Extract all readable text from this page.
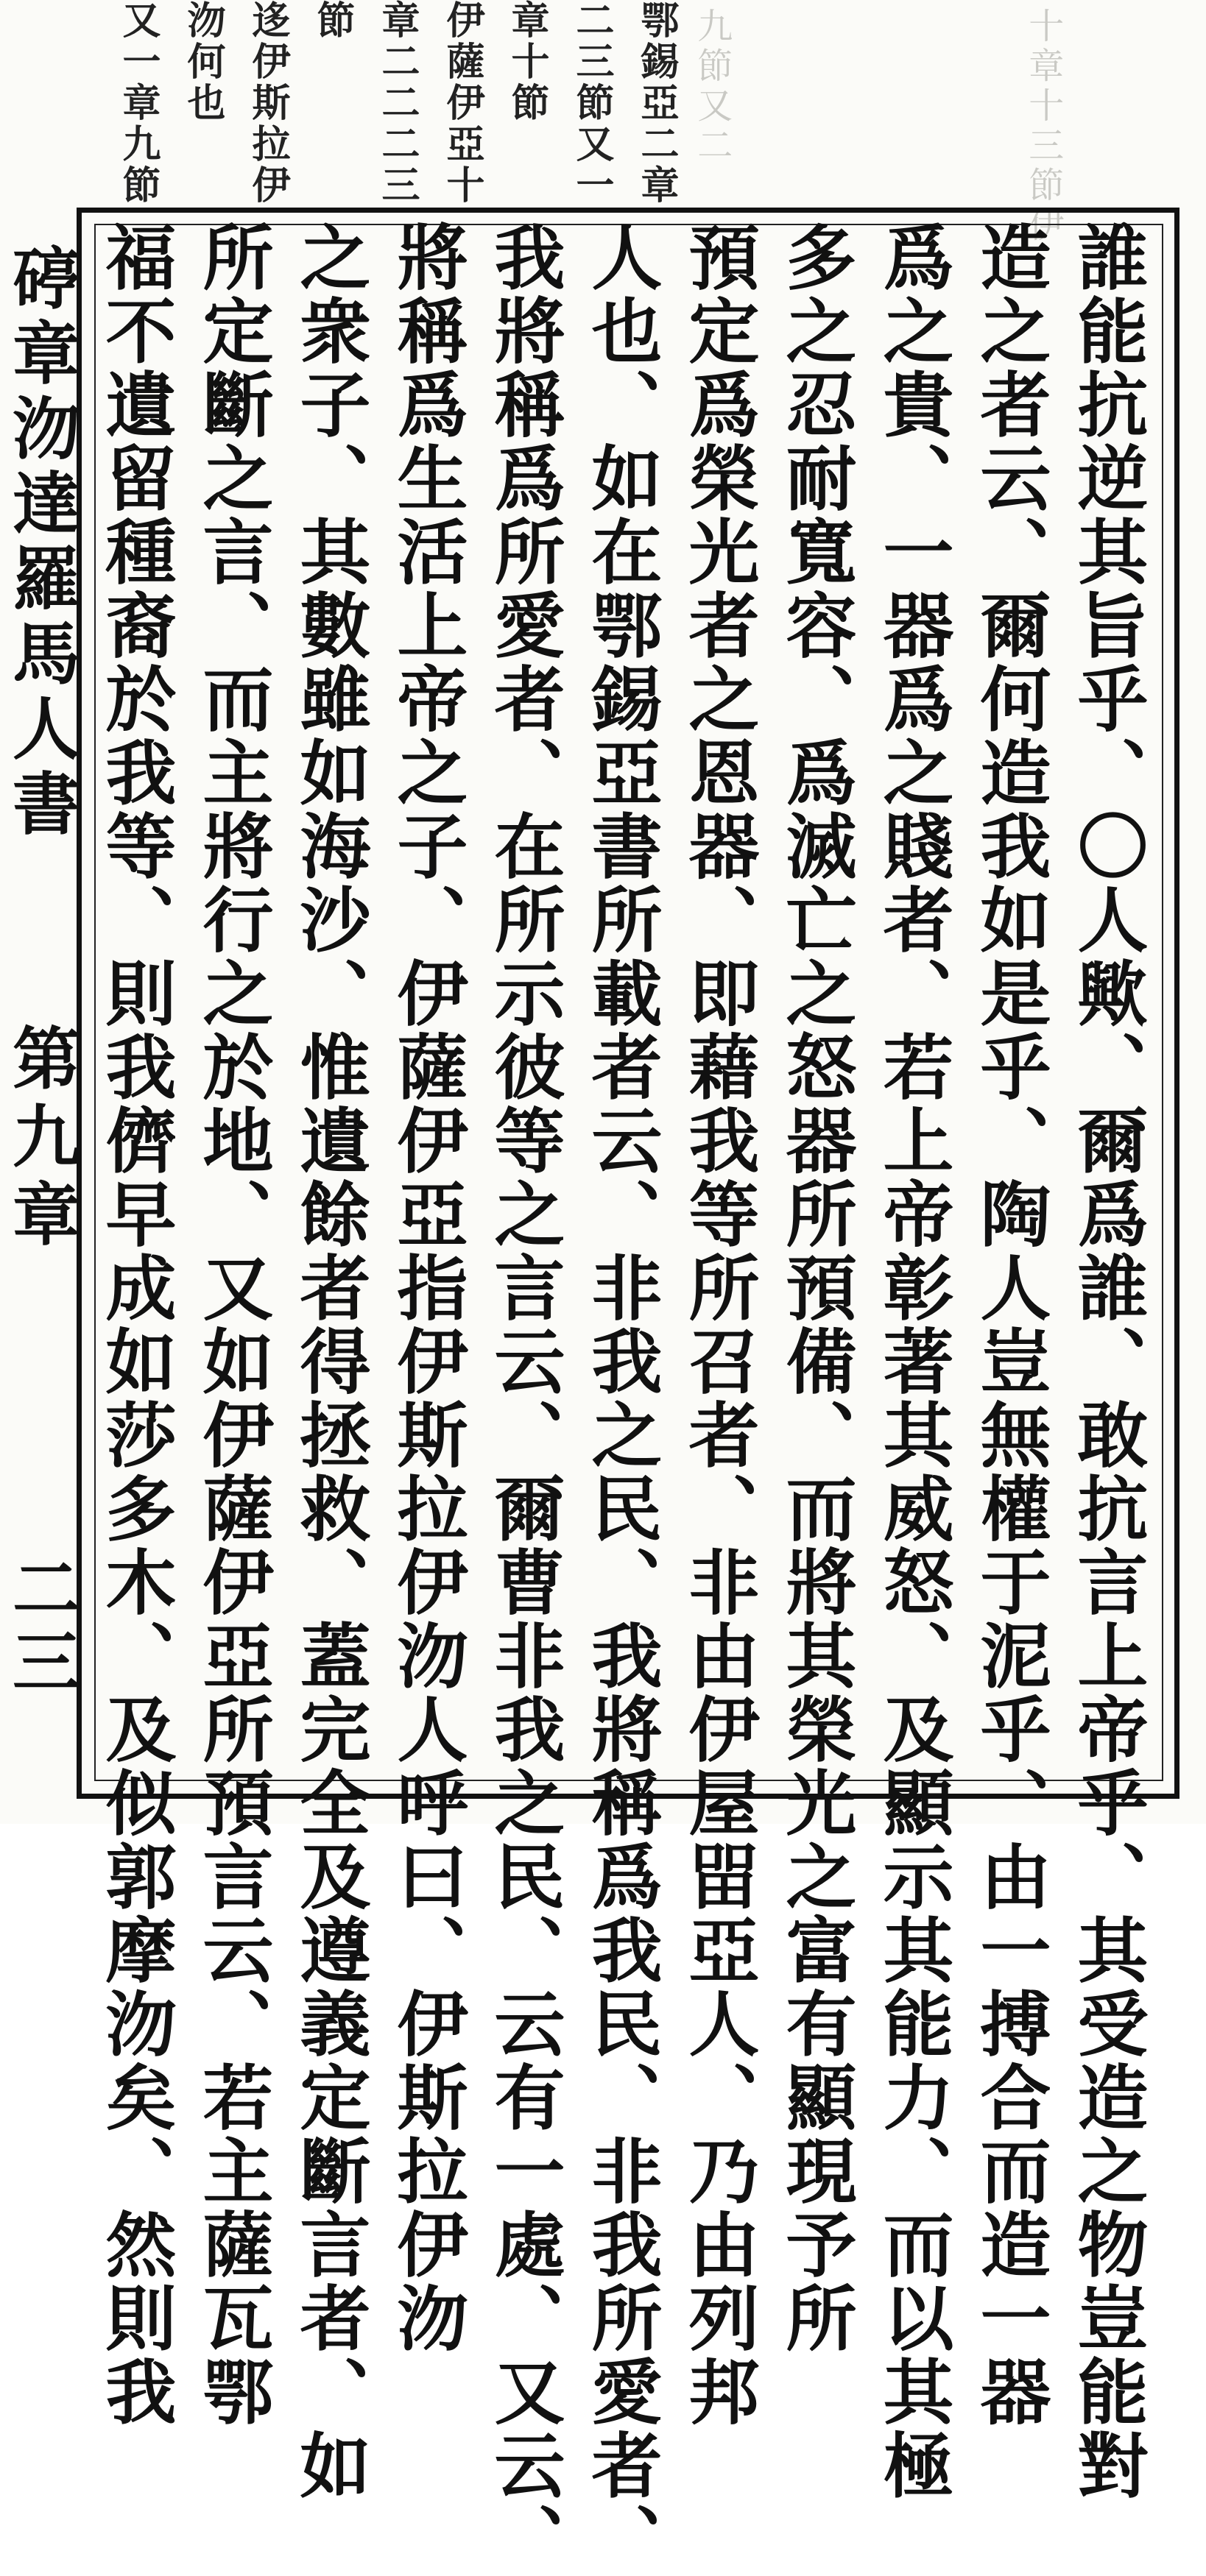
十章十三節伊
九節又二
鄂錫亞二章
二三節又一
章十節
伊薩伊亞十
章二二二三
節
迻伊斯拉伊
沕何也
又一章九節
誰能抗逆其旨乎、〇人歟、爾爲誰、敢抗言上帝乎、其受造之物豈能對
造之者云、爾何造我如是乎、陶人豈無權于泥乎、由一搏合而造一器
爲之貴、一器爲之賤者、若上帝彰著其威怒、及顯示其能力、而以其極
多之忍耐寬容、爲滅亡之怒器所預備、而將其榮光之富有顯現予所
預定爲榮光者之恩器、即藉我等所召者、非由伊屋㽞亞人、乃由列邦
人也、如在鄂錫亞書所載者云、非我之民、我將稱爲我民、非我所愛者、
我將稱爲所愛者、在所示彼等之言云、爾曹非我之民、云有一處、又云、
將稱爲生活上帝之子、伊薩伊亞指伊斯拉伊沕人呼曰、伊斯拉伊沕
之衆子、其數雖如海沙、惟遺餘者得拯救、蓋完全及遵義定斷言者、如
所定斷之言、而主將行之於地、又如伊薩伊亞所預言云、若主薩瓦鄂
福不遺留種裔於我等、則我儕早成如莎多木、及似郭摩沕矣、然則我
碠章沕達羅馬人書
第九章
二三
